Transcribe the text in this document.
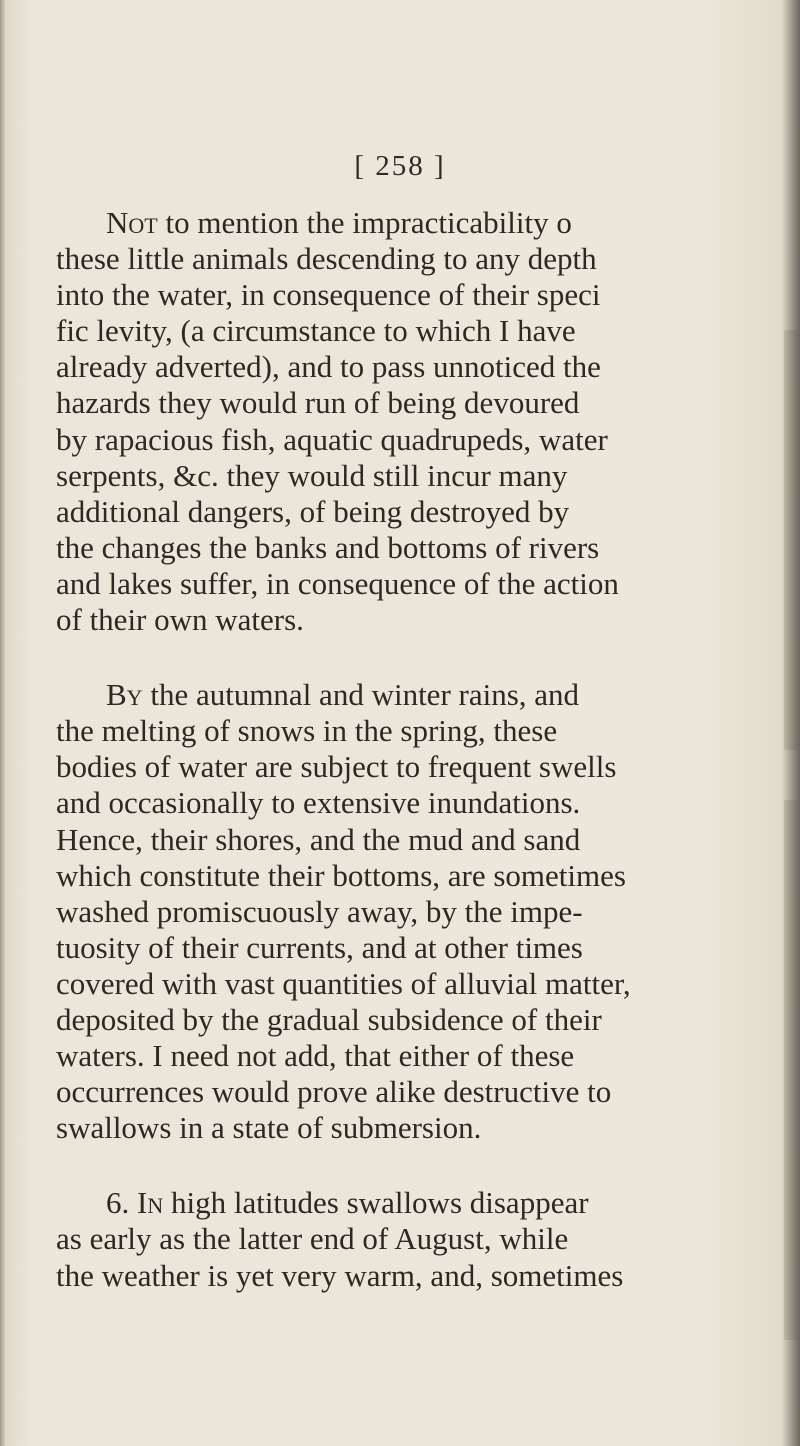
[ 258 ]
Not to mention the impracticability o
these little animals descending to any depth
into the water, in consequence of their speci
fic levity, (a circumstance to which I have
already adverted), and to pass unnoticed the
hazards they would run of being devoured
by rapacious fish, aquatic quadrupeds, water
serpents, &c. they would still incur many
additional dangers, of being destroyed by
the changes the banks and bottoms of rivers
and lakes suffer, in consequence of the action
of their own waters.
By the autumnal and winter rains, and
the melting of snows in the spring, these
bodies of water are subject to frequent swells
and occasionally to extensive inundations.
Hence, their shores, and the mud and sand
which constitute their bottoms, are sometimes
washed promiscuously away, by the impe-
tuosity of their currents, and at other times
covered with vast quantities of alluvial matter,
deposited by the gradual subsidence of their
waters. I need not add, that either of these
occurrences would prove alike destructive to
swallows in a state of submersion.
6. In high latitudes swallows disappear
as early as the latter end of August, while
the weather is yet very warm, and, sometimes
